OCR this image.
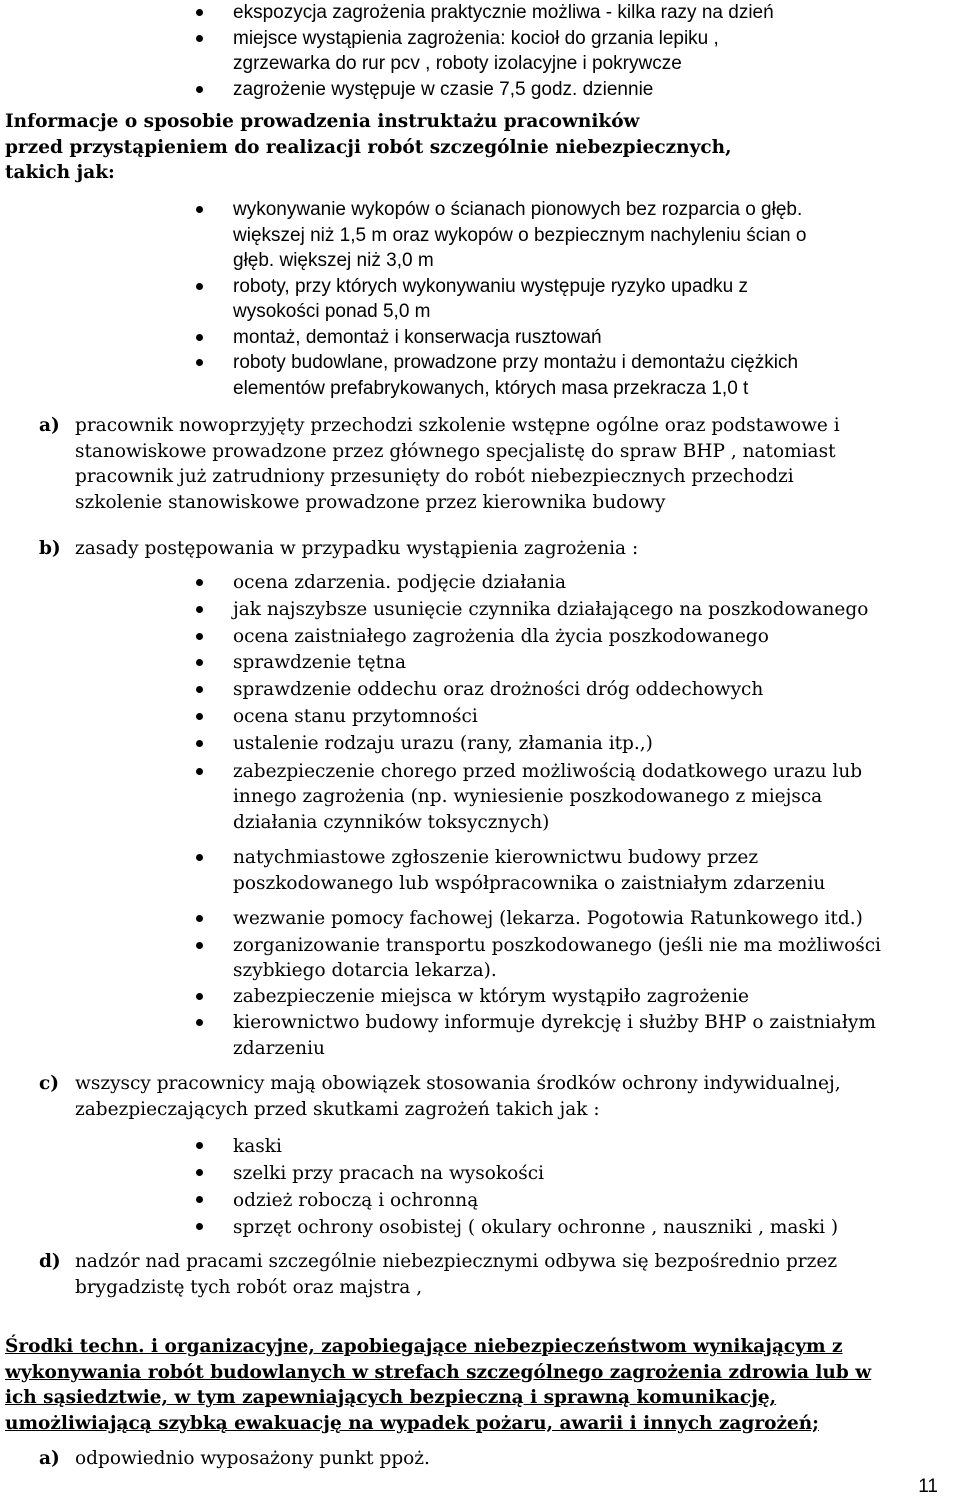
ekspozycja zagrożenia praktycznie możliwa - kilka razy na dzień
miejsce wystąpienia zagrożenia: kocioł do grzania lepiku ,
zgrzewarka do rur pcv , roboty izolacyjne i pokrywcze
zagrożenie występuje w czasie 7,5 godz. dziennie
Informacje o sposobie prowadzenia instruktażu pracowników
przed przystąpieniem do realizacji robót szczególnie niebezpiecznych,
takich jak:
wykonywanie wykopów o ścianach pionowych bez rozparcia o głęb.
większej niż 1,5 m oraz wykopów o bezpiecznym nachyleniu ścian o
głęb. większej niż 3,0 m
roboty, przy których wykonywaniu występuje ryzyko upadku z
wysokości ponad 5,0 m
montaż, demontaż i konserwacja rusztowań
roboty budowlane, prowadzone przy montażu i demontażu ciężkich
elementów prefabrykowanych, których masa przekracza 1,0 t
a) pracownik nowoprzyjęty przechodzi szkolenie wstępne ogólne oraz podstawowe i
stanowiskowe prowadzone przez głównego specjalistę do spraw BHP , natomiast
pracownik już zatrudniony przesunięty do robót niebezpiecznych przechodzi
szkolenie stanowiskowe prowadzone przez kierownika budowy
b) zasady postępowania w przypadku wystąpienia zagrożenia :
ocena zdarzenia. podjęcie działania
jak najszybsze usunięcie czynnika działającego na poszkodowanego
ocena zaistniałego zagrożenia dla życia poszkodowanego
sprawdzenie tętna
sprawdzenie oddechu oraz drożności dróg oddechowych
ocena stanu przytomności
ustalenie rodzaju urazu (rany, złamania itp.,)
zabezpieczenie chorego przed możliwością dodatkowego urazu lub
innego zagrożenia (np. wyniesienie poszkodowanego z miejsca
działania czynników toksycznych)
natychmiastowe zgłoszenie kierownictwu budowy przez
poszkodowanego lub współpracownika o zaistniałym zdarzeniu
wezwanie pomocy fachowej (lekarza. Pogotowia Ratunkowego itd.)
zorganizowanie transportu poszkodowanego (jeśli nie ma możliwości
szybkiego dotarcia lekarza).
zabezpieczenie miejsca w którym wystąpiło zagrożenie
kierownictwo budowy informuje dyrekcję i służby BHP o zaistniałym
zdarzeniu
c) wszyscy pracownicy mają obowiązek stosowania środków ochrony indywidualnej,
zabezpieczających przed skutkami zagrożeń takich jak :
kaski
szelki przy pracach na wysokości
odzież roboczą i ochronną
sprzęt ochrony osobistej ( okulary ochronne , nauszniki , maski )
d) nadzór nad pracami szczególnie niebezpiecznymi odbywa się bezpośrednio przez
brygadzistę tych robót oraz majstra ,
Środki techn. i organizacyjne, zapobiegające niebezpieczeństwom wynikającym z
wykonywania robót budowlanych w strefach szczególnego zagrożenia zdrowia lub w
ich sąsiedztwie, w tym zapewniających bezpieczną i sprawną komunikację,
umożliwiającą szybką ewakuację na wypadek pożaru, awarii i innych zagrożeń;
a) odpowiednio wyposażony punkt ppoż.
11
